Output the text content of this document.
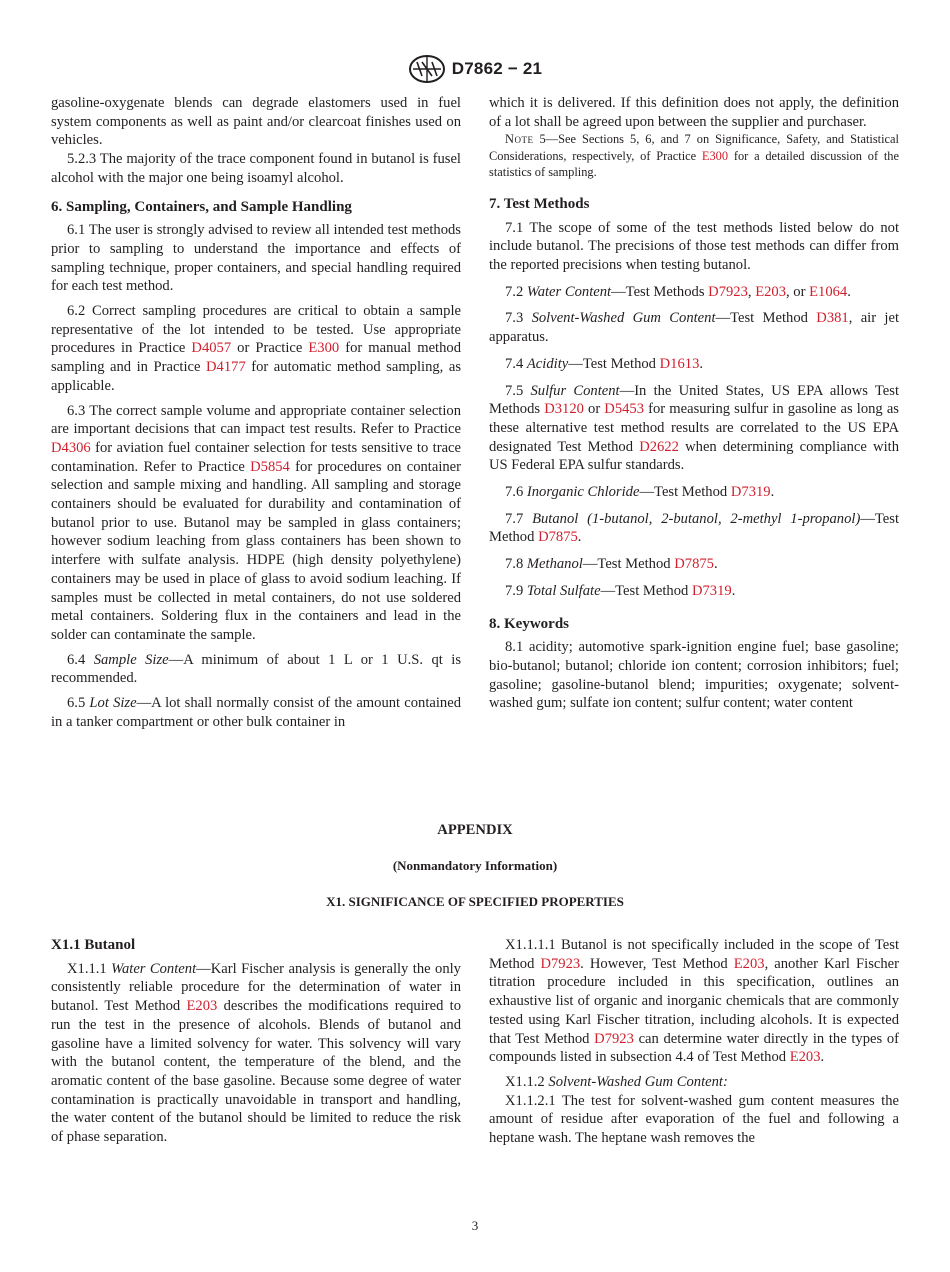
D7862 − 21

gasoline-oxygenate blends can degrade elastomers used in fuel system components as well as paint and/or clearcoat finishes used on vehicles.

5.2.3 The majority of the trace component found in butanol is fusel alcohol with the major one being isoamyl alcohol.

6. Sampling, Containers, and Sample Handling

6.1 The user is strongly advised to review all intended test methods prior to sampling to understand the importance and effects of sampling technique, proper containers, and special handling required for each test method.

6.2 Correct sampling procedures are critical to obtain a sample representative of the lot intended to be tested. Use appropriate procedures in Practice D4057 or Practice E300 for manual method sampling and in Practice D4177 for automatic method sampling, as applicable.

6.3 The correct sample volume and appropriate container selection are important decisions that can impact test results. Refer to Practice D4306 for aviation fuel container selection for tests sensitive to trace contamination. Refer to Practice D5854 for procedures on container selection and sample mixing and handling. All sampling and storage containers should be evaluated for durability and contamination of butanol prior to use. Butanol may be sampled in glass containers; however sodium leaching from glass containers has been shown to interfere with sulfate analysis. HDPE (high density polyethylene) containers may be used in place of glass to avoid sodium leaching. If samples must be collected in metal containers, do not use soldered metal containers. Soldering flux in the containers and lead in the solder can contaminate the sample.

6.4 Sample Size—A minimum of about 1 L or 1 U.S. qt is recommended.

6.5 Lot Size—A lot shall normally consist of the amount contained in a tanker compartment or other bulk container in

which it is delivered. If this definition does not apply, the definition of a lot shall be agreed upon between the supplier and purchaser.

Note 5—See Sections 5, 6, and 7 on Significance, Safety, and Statistical Considerations, respectively, of Practice E300 for a detailed discussion of the statistics of sampling.

7. Test Methods

7.1 The scope of some of the test methods listed below do not include butanol. The precisions of those test methods can differ from the reported precisions when testing butanol.

7.2 Water Content—Test Methods D7923, E203, or E1064.

7.3 Solvent-Washed Gum Content—Test Method D381, air jet apparatus.

7.4 Acidity—Test Method D1613.

7.5 Sulfur Content—In the United States, US EPA allows Test Methods D3120 or D5453 for measuring sulfur in gasoline as long as these alternative test method results are correlated to the US EPA designated Test Method D2622 when determining compliance with US Federal EPA sulfur standards.

7.6 Inorganic Chloride—Test Method D7319.

7.7 Butanol (1-butanol, 2-butanol, 2-methyl 1-propanol)—Test Method D7875.

7.8 Methanol—Test Method D7875.

7.9 Total Sulfate—Test Method D7319.

8. Keywords

8.1 acidity; automotive spark-ignition engine fuel; base gasoline; bio-butanol; butanol; chloride ion content; corrosion inhibitors; fuel; gasoline; gasoline-butanol blend; impurities; oxygenate; solvent-washed gum; sulfate ion content; sulfur content; water content

APPENDIX
(Nonmandatory Information)
X1. SIGNIFICANCE OF SPECIFIED PROPERTIES
X1.1 Butanol

X1.1.1 Water Content—Karl Fischer analysis is generally the only consistently reliable procedure for the determination of water in butanol. Test Method E203 describes the modifications required to run the test in the presence of alcohols. Blends of butanol and gasoline have a limited solvency for water. This solvency will vary with the butanol content, the temperature of the blend, and the aromatic content of the base gasoline. Because some degree of water contamination is practically unavoidable in transport and handling, the water content of the butanol should be limited to reduce the risk of phase separation.

X1.1.1.1 Butanol is not specifically included in the scope of Test Method D7923. However, Test Method E203, another Karl Fischer titration procedure included in this specification, outlines an exhaustive list of organic and inorganic chemicals that are commonly tested using Karl Fischer titration, including alcohols. It is expected that Test Method D7923 can determine water directly in the types of compounds listed in subsection 4.4 of Test Method E203.

X1.1.2 Solvent-Washed Gum Content:

X1.1.2.1 The test for solvent-washed gum content measures the amount of residue after evaporation of the fuel and following a heptane wash. The heptane wash removes the

3
